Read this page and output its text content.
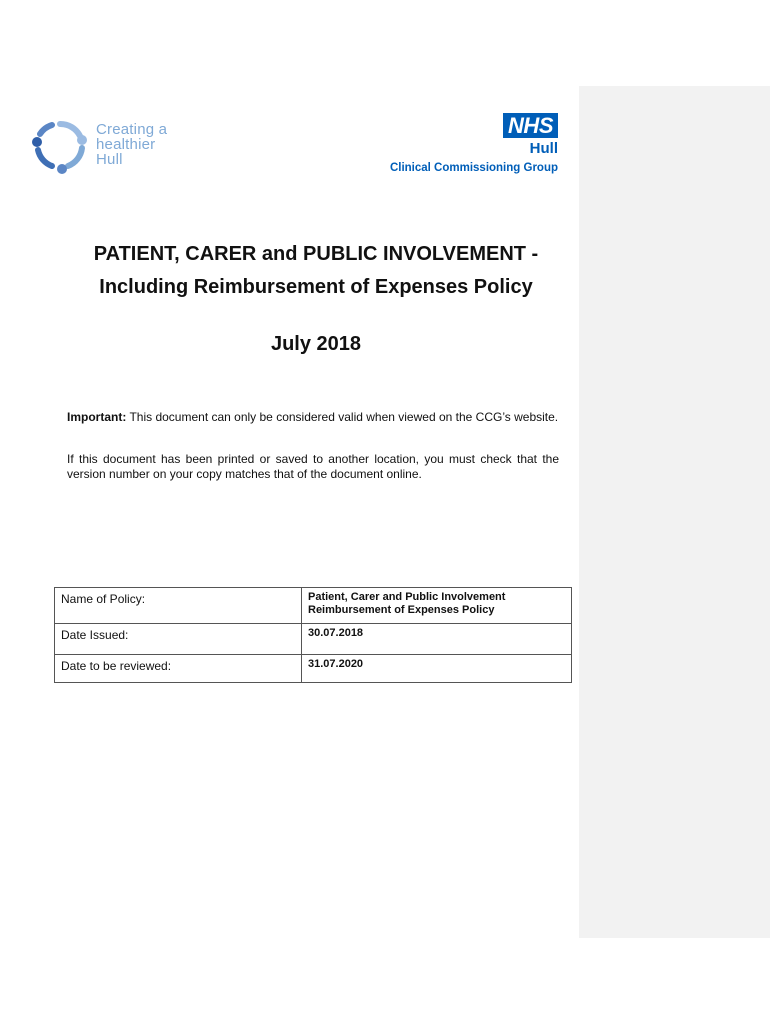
Creating a
healthier
Hull
NHS
Hull
Clinical Commissioning Group
PATIENT, CARER and PUBLIC INVOLVEMENT -
Including Reimbursement of Expenses Policy
July 2018
Important: This document can only be considered valid when viewed on the CCG’s website.
If this document has been printed or saved to another location, you must check that the version number on your copy matches that of the document online.
Name of Policy:	Patient, Carer and Public Involvement
Reimbursement of Expenses Policy

Date Issued:	30.07.2018
Date to be reviewed:	31.07.2020
